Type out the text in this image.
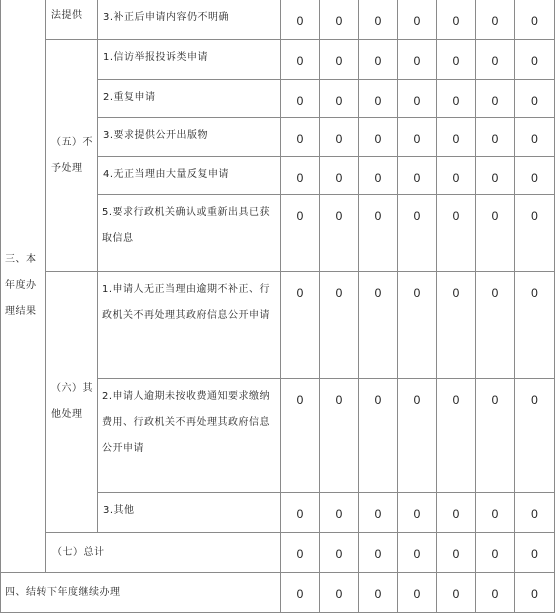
三、本年度办理结果	法提供	3.补正后申请内容仍不明确	0	0	0	0	0	0	0

	（五）不予处理	1.信访举报投诉类申请	0	0	0	0	0	0	0

		2.重复申请	0	0	0	0	0	0	0

		3.要求提供公开出版物	0	0	0	0	0	0	0

		4.无正当理由大量反复申请	0	0	0	0	0	0	0

		5.要求行政机关确认或重新出具已获取信息	0	0	0	0	0	0	0

	（六）其他处理	1.申请人无正当理由逾期不补正、行政机关不再处理其政府信息公开申请	0	0	0	0	0	0	0

		2.申请人逾期未按收费通知要求缴纳费用、行政机关不再处理其政府信息公开申请	0	0	0	0	0	0	0

		3.其他	0	0	0	0	0	0	0

	（七）总计		0	0	0	0	0	0	0

四、结转下年度继续办理			0	0	0	0	0	0	0
